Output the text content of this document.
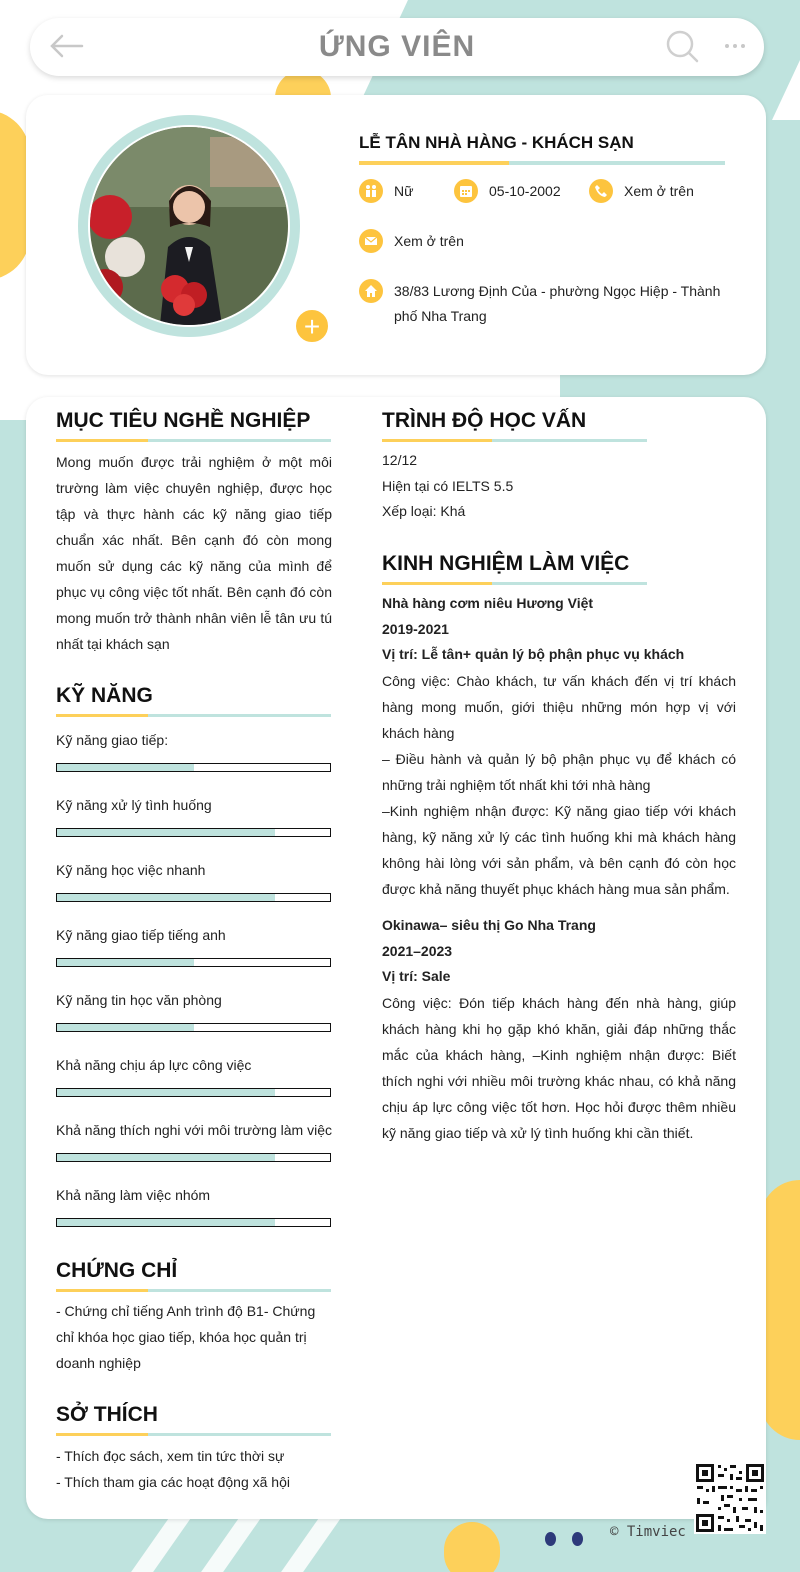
ỨNG VIÊN
+
LỄ TÂN NHÀ HÀNG - KHÁCH SẠN
Nữ	05-10-2002	Xem ở trên
Xem ở trên
38/83 Lương Định Của - phường Ngọc Hiệp - Thành phố Nha Trang
MỤC TIÊU NGHỀ NGHIỆP
Mong muốn được trải nghiệm ở một môi trường làm việc chuyên nghiệp, được học tập và thực hành các kỹ năng giao tiếp chuẩn xác nhất. Bên cạnh đó còn mong muốn sử dụng các kỹ năng của mình để phục vụ công việc tốt nhất. Bên cạnh đó còn mong muốn trở thành nhân viên lễ tân ưu tú nhất tại khách sạn
KỸ NĂNG
Kỹ năng giao tiếp:
Kỹ năng xử lý tình huống
Kỹ năng học việc nhanh
Kỹ năng giao tiếp tiếng anh
Kỹ năng tin học văn phòng
Khả năng chịu áp lực công việc
Khả năng thích nghi với môi trường làm việc
Khả năng làm việc nhóm
CHỨNG CHỈ
- Chứng chỉ tiếng Anh trình độ B1- Chứng chỉ khóa học giao tiếp, khóa học quản trị doanh nghiệp
SỞ THÍCH
- Thích đọc sách, xem tin tức thời sự
- Thích tham gia các hoạt động xã hội
TRÌNH ĐỘ HỌC VẤN
12/12
Hiện tại có IELTS 5.5
Xếp loại: Khá
KINH NGHIỆM LÀM VIỆC
Nhà hàng cơm niêu Hương Việt
2019-2021
Vị trí: Lễ tân+ quản lý bộ phận phục vụ khách
Công việc: Chào khách, tư vấn khách đến vị trí khách hàng mong muốn, giới thiệu những món hợp vị với khách hàng
– Điều hành và quản lý bộ phận phục vụ để khách có những trải nghiệm tốt nhất khi tới nhà hàng
–Kinh nghiệm nhận được: Kỹ năng giao tiếp với khách hàng, kỹ năng xử lý các tình huống khi mà khách hàng không hài lòng với sản phẩm, và bên cạnh đó còn học được khả năng thuyết phục khách hàng mua sản phẩm.
Okinawa– siêu thị Go Nha Trang
2021–2023
Vị trí: Sale
Công việc: Đón tiếp khách hàng đến nhà hàng, giúp khách hàng khi họ gặp khó khăn, giải đáp những thắc mắc của khách hàng, –Kinh nghiệm nhận được: Biết thích nghi với nhiều môi trường khác nhau, có khả năng chịu áp lực công việc tốt hơn. Học hỏi được thêm nhiều kỹ năng giao tiếp và xử lý tình huống khi cần thiết.
© Timviec
